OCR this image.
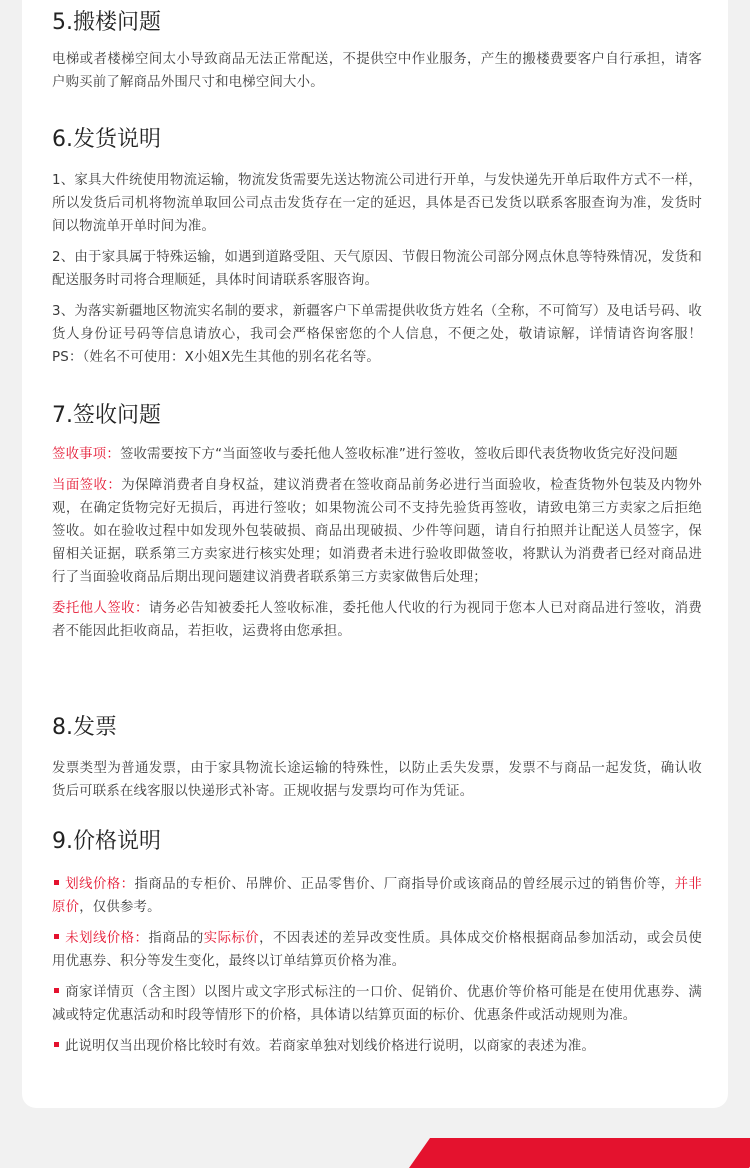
5.搬楼问题

电梯或者楼梯空间太小导致商品无法正常配送，不提供空中作业服务，产生的搬楼费要客户自行承担，请客户购买前了解商品外围尺寸和电梯空间大小。

6.发货说明

1、家具大件统使用物流运输，物流发货需要先送达物流公司进行开单，与发快递先开单后取件方式不一样，所以发货后司机将物流单取回公司点击发货存在一定的延迟，具体是否已发货以联系客服查询为准，发货时间以物流单开单时间为准。

2、由于家具属于特殊运输，如遇到道路受阻、天气原因、节假日物流公司部分网点休息等特殊情况，发货和配送服务时司将合理顺延，具体时间请联系客服咨询。

3、为落实新疆地区物流实名制的要求，新疆客户下单需提供收货方姓名（全称，不可简写）及电话号码、收货人身份证号码等信息请放心，我司会严格保密您的个人信息，不便之处，敬请谅解，详情请咨询客服！PS：（姓名不可使用：X小姐X先生其他的别名花名等。

7.签收问题

签收事项：签收需要按下方“当面签收与委托他人签收标准”进行签收，签收后即代表货物收货完好没问题

当面签收：为保障消费者自身权益，建议消费者在签收商品前务必进行当面验收，检查货物外包装及内物外观，在确定货物完好无损后，再进行签收；如果物流公司不支持先验货再签收，请致电第三方卖家之后拒绝签收。如在验收过程中如发现外包装破损、商品出现破损、少件等问题，请自行拍照并让配送人员签字，保留相关证据，联系第三方卖家进行核实处理；如消费者未进行验收即做签收，将默认为消费者已经对商品进行了当面验收商品后期出现问题建议消费者联系第三方卖家做售后处理；

委托他人签收：请务必告知被委托人签收标准，委托他人代收的行为视同于您本人已对商品进行签收，消费者不能因此拒收商品，若拒收，运费将由您承担。

8.发票

发票类型为普通发票，由于家具物流长途运输的特殊性，以防止丢失发票，发票不与商品一起发货，确认收货后可联系在线客服以快递形式补寄。正规收据与发票均可作为凭证。

9.价格说明

划线价格：指商品的专柜价、吊牌价、正品零售价、厂商指导价或该商品的曾经展示过的销售价等，并非原价，仅供参考。

未划线价格：指商品的实际标价，不因表述的差异改变性质。具体成交价格根据商品参加活动，或会员使用优惠券、积分等发生变化，最终以订单结算页价格为准。

商家详情页（含主图）以图片或文字形式标注的一口价、促销价、优惠价等价格可能是在使用优惠券、满减或特定优惠活动和时段等情形下的价格，具体请以结算页面的标价、优惠条件或活动规则为准。

此说明仅当出现价格比较时有效。若商家单独对划线价格进行说明，以商家的表述为准。
